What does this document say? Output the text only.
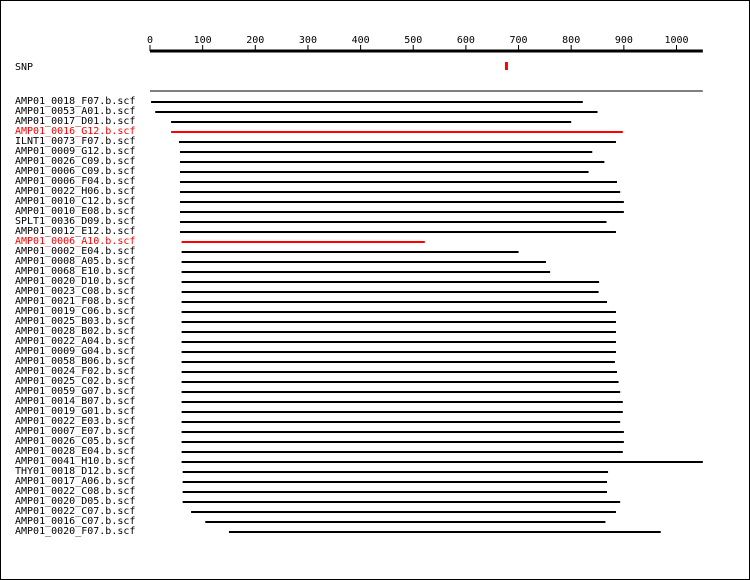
0	100	200	300	400	500	600	700	800	900	1000
SNP
AMP01_0018_F07.b.scf
AMP01_0053_A01.b.scf
AMP01_0017_D01.b.scf
AMP01_0016_G12.b.scf
ILNT1_0073_F07.b.scf
AMP01_0009_G12.b.scf
AMP01_0026_C09.b.scf
AMP01_0006_C09.b.scf
AMP01_0006_F04.b.scf
AMP01_0022_H06.b.scf
AMP01_0010_C12.b.scf
AMP01_0010_E08.b.scf
SPLT1_0036_D09.b.scf
AMP01_0012_E12.b.scf
AMP01_0006_A10.b.scf
AMP01_0002_E04.b.scf
AMP01_0008_A05.b.scf
AMP01_0068_E10.b.scf
AMP01_0020_D10.b.scf
AMP01_0023_C08.b.scf
AMP01_0021_F08.b.scf
AMP01_0019_C06.b.scf
AMP01_0025_B03.b.scf
AMP01_0028_B02.b.scf
AMP01_0022_A04.b.scf
AMP01_0009_G04.b.scf
AMP01_0058_B06.b.scf
AMP01_0024_F02.b.scf
AMP01_0025_C02.b.scf
AMP01_0059_G07.b.scf
AMP01_0014_B07.b.scf
AMP01_0019_G01.b.scf
AMP01_0022_E03.b.scf
AMP01_0007_E07.b.scf
AMP01_0026_C05.b.scf
AMP01_0028_E04.b.scf
AMP01_0041_H10.b.scf
THY01_0018_D12.b.scf
AMP01_0017_A06.b.scf
AMP01_0022_C08.b.scf
AMP01_0020_D05.b.scf
AMP01_0022_C07.b.scf
AMP01_0016_C07.b.scf
AMP01_0020_F07.b.scf
